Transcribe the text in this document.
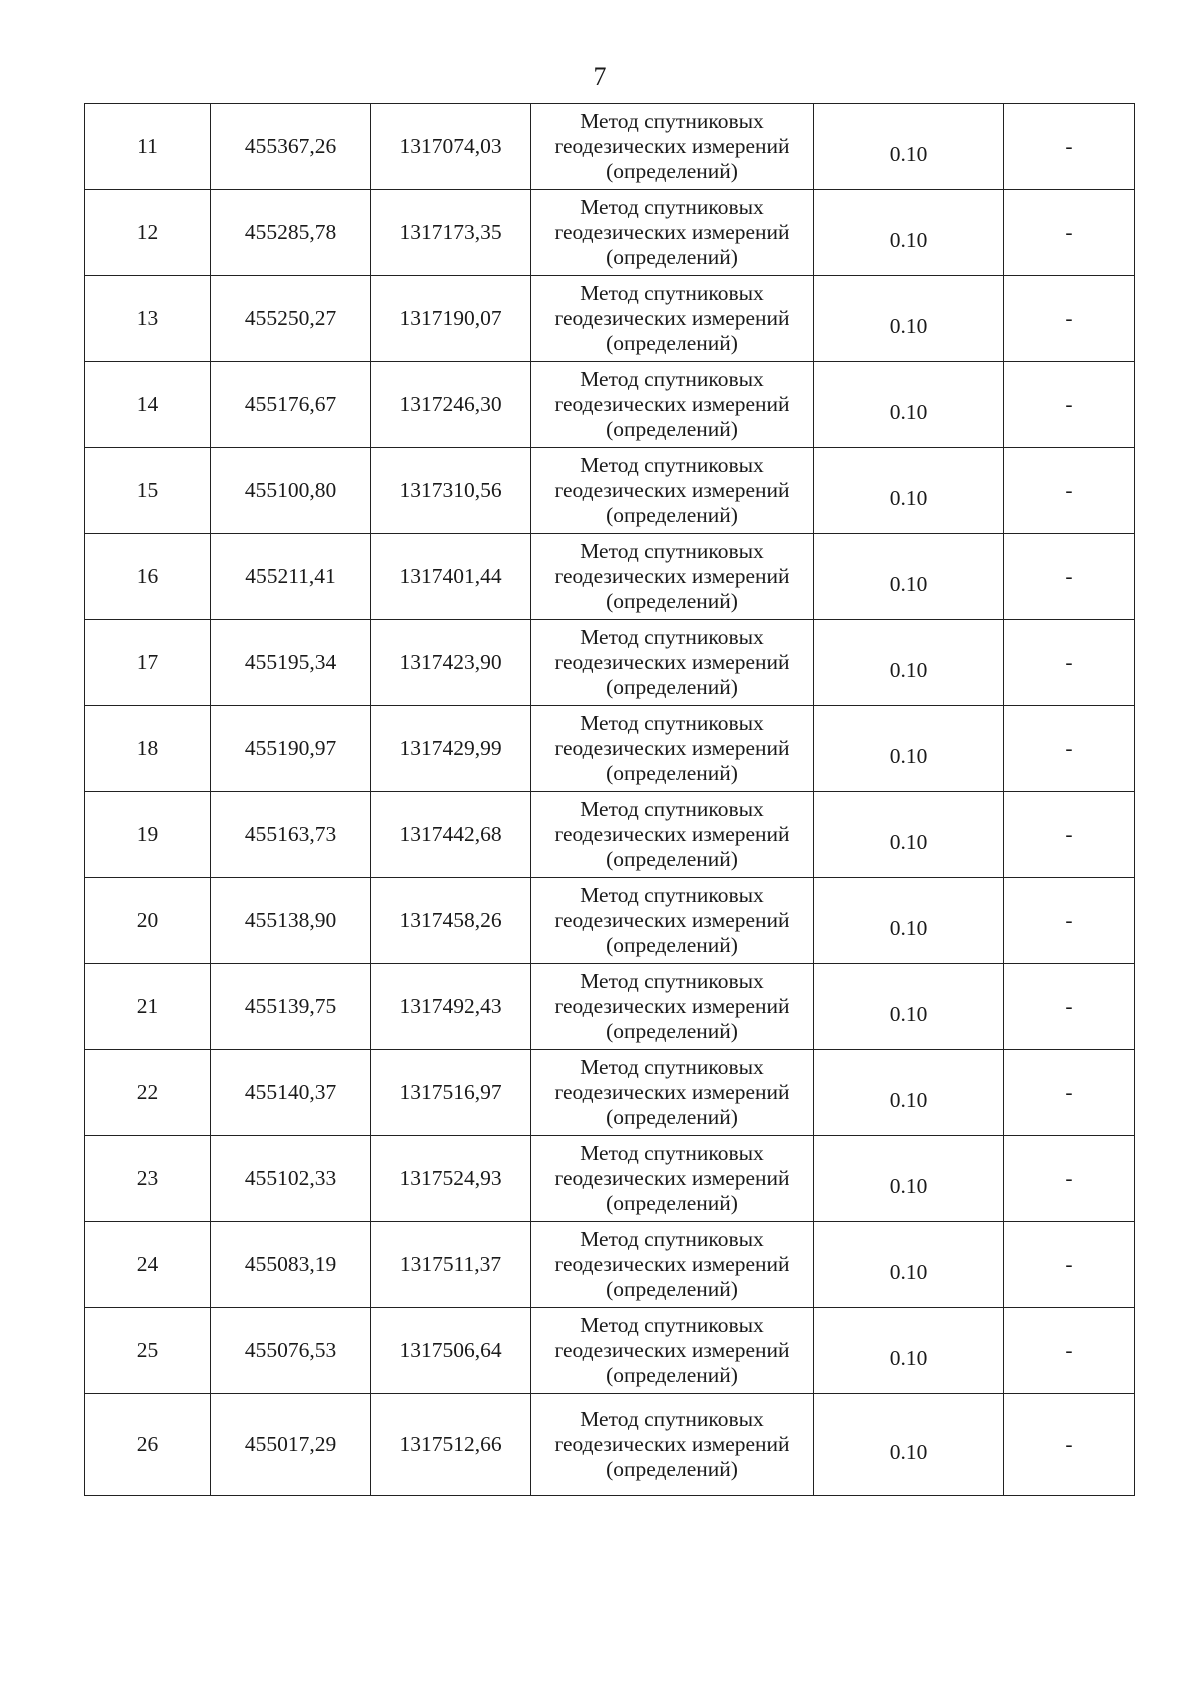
7
11	455367,26	1317074,03	Метод спутниковых
геодезических измерений
(определений)	0.10	-
12	455285,78	1317173,35	Метод спутниковых
геодезических измерений
(определений)	0.10	-
13	455250,27	1317190,07	Метод спутниковых
геодезических измерений
(определений)	0.10	-
14	455176,67	1317246,30	Метод спутниковых
геодезических измерений
(определений)	0.10	-
15	455100,80	1317310,56	Метод спутниковых
геодезических измерений
(определений)	0.10	-
16	455211,41	1317401,44	Метод спутниковых
геодезических измерений
(определений)	0.10	-
17	455195,34	1317423,90	Метод спутниковых
геодезических измерений
(определений)	0.10	-
18	455190,97	1317429,99	Метод спутниковых
геодезических измерений
(определений)	0.10	-
19	455163,73	1317442,68	Метод спутниковых
геодезических измерений
(определений)	0.10	-
20	455138,90	1317458,26	Метод спутниковых
геодезических измерений
(определений)	0.10	-
21	455139,75	1317492,43	Метод спутниковых
геодезических измерений
(определений)	0.10	-
22	455140,37	1317516,97	Метод спутниковых
геодезических измерений
(определений)	0.10	-
23	455102,33	1317524,93	Метод спутниковых
геодезических измерений
(определений)	0.10	-
24	455083,19	1317511,37	Метод спутниковых
геодезических измерений
(определений)	0.10	-
25	455076,53	1317506,64	Метод спутниковых
геодезических измерений
(определений)	0.10	-
26	455017,29	1317512,66	Метод спутниковых
геодезических измерений
(определений)	0.10	-
